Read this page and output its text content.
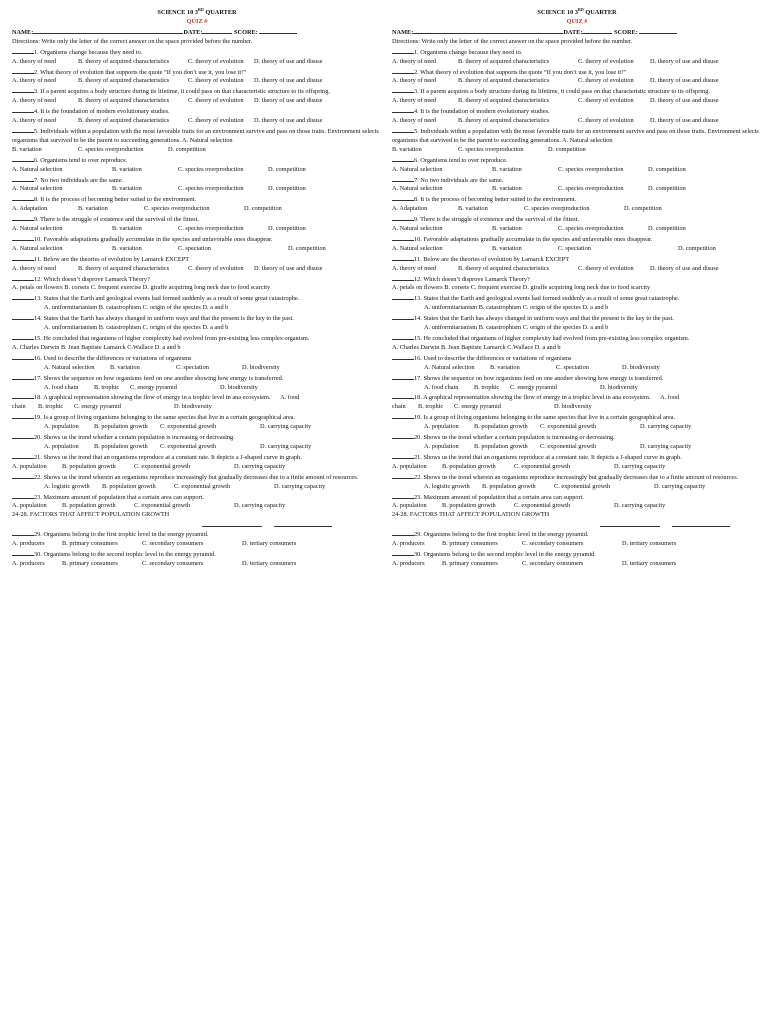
SCIENCE 10 3RD QUARTER
QUIZ #
NAME:	DATE:	SCORE:
Directions: Write only the letter of the correct answer on the space provided before the number.
1. Organisms change because they need to.
A. theory of need	B. theory of acquired characteristics	C. theory of evolution D. theory of use and disuse
2. What theory of evolution that supports the quote “If you don’t use it, you lose it!”
A. theory of need	B. theory of acquired characteristics	C. theory of evolution D. theory of use and disuse
3. If a parent acquires a body structure during its lifetime, it could pass on that characteristic structure to its offspring.
A. theory of need	B. theory of acquired characteristics	C. theory of evolution D. theory of use and disuse
4. It is the foundation of modern evolutionary studies.
A. theory of need	B. theory of acquired characteristics	C. theory of evolution D. theory of use and disuse
5. Individuals within a population with the most favorable traits for an environment survive and pass on those traits. Environment selects organisms that survived to be the parent to succeeding generations. A. Natural selection
B. variation	C. species overproduction	D. competition
6. Organisms tend to over reproduce.
A. Natural selection	B. variation	C. species overproduction	D. competition
7. No two individuals are the same.
A. Natural selection	B. variation	C. species overproduction	D. competition
8. It is the process of becoming better suited to the environment.
A. Adaptation	B. variation	C. species overproduction	D. competition
9. There is the struggle of existence and the survival of the fittest.
A. Natural selection	B. variation	C. species overproduction	D. competition
10. Favorable adaptations gradually accumulate in the species and unfavorable ones disappear.
A. Natural selection	B. variation	C. speciation	D. competition
11. Below are the theories of evolution by Lamarck EXCEPT
A. theory of need	B. theory of acquired characteristics	C. theory of evolution D. theory of use and disuse
12. Which doesn’t disprove Lamarck Theory?
A. petals on flowers B. corsets C. frequent exercise D. giraffe acquiring long neck due to food scarcity
13. States that the Earth and geological events had formed suddenly as a result of some great catastrophe.
A. uniformitarianism B. catastrophism C. origin of the species D. a and b
14. States that the Earth has always changed in uniform ways and that the present is the key to the past.
A. uniformitarianism B. catastrophism C. origin of the species D. a and b
15. He concluded that organisms of higher complexity had evolved from pre-existing less complex organism.
A. Charles Darwin B. Jean Baptiste Lamarck C.Wallace D. a and b
16. Used to describe the differences or variations of organisms
A. Natural selection B. variation	C. speciation	D. biodiversity
17. Shows the sequence on how organisms feed on one another showing how energy is transferred.
A. food chain B. trophic C. energy pyramid	D. biodiversity
18. A graphical representation showing the flow of energy in a trophic level in ana ecosystem. A. food
chain B. trophic C. energy pyramid	D. biodiversity
19. Is a group of living organisms belonging to the same species that live in a certain geographical area.
A. population B. population growth C. exponential growth	D. carrying capacity
20. Shows us the trend whether a certain population is increasing or decreasing.
A. population B. population growth C. exponential growth	D. carrying capacity
21. Shows us the trend that an organisms reproduce at a constant rate. It depicts a J-shaped curve in graph.
A. population B. population growth	C. exponential growth	D. carrying capacity
22. Shows us the trend wherein an organisms reproduce increasingly but gradually decreases due to a finite amount of resources.
A. logistic growth B. population growth	C. exponential growth	D. carrying capacity
23. Maximum amount of population that a certain area can support.
A. population B. population growth	C. exponential growth	D. carrying capacity
24-28. FACTORS THAT AFFECT POPULATION GROWTH
29. Organisms belong to the first trophic level in the energy pyramid.
A. producers	B. primary consumers	C. secondary consumers	D. tertiary consumers
30. Organisms belong to the second trophic level in the energy pyramid.
A. producers	B. primary consumers	C. secondary consumers	D. tertiary consumers
SCIENCE 10 3RD QUARTER
QUIZ #
NAME:	DATE:	SCORE:
Directions: Write only the letter of the correct answer on the space provided before the number.
1. Organisms change because they need to.
A. theory of need	B. theory of acquired characteristics	C. theory of evolution	D. theory of use and disuse
2. What theory of evolution that supports the quote “If you don’t use it, you lose it!”
A. theory of need	B. theory of acquired characteristics	C. theory of evolution	D. theory of use and disuse
3. If a parent acquires a body structure during its lifetime, it could pass on that characteristic structure to its offspring.
A. theory of need	B. theory of acquired characteristics	C. theory of evolution	D. theory of use and disuse
4. It is the foundation of modern evolutionary studies.
A. theory of need	B. theory of acquired characteristics	C. theory of evolution	D. theory of use and disuse
5. Individuals within a population with the most favorable traits for an environment survive and pass on those traits. Environment selects organisms that survived to be the parent to succeeding generations. A. Natural selection
B. variation	C. species overproduction	D. competition
6. Organisms tend to over reproduce.
A. Natural selection	B. variation	C. species overproduction	D. competition
7. No two individuals are the same.
A. Natural selection	B. variation	C. species overproduction	D. competition
8. It is the process of becoming better suited to the environment.
A. Adaptation	B. variation	C. species overproduction	D. competition
9. There is the struggle of existence and the survival of the fittest.
A. Natural selection	B. variation	C. species overproduction	D. competition
10. Favorable adaptations gradually accumulate in the species and unfavorable ones disappear.
A. Natural selection	B. variation	C. speciation	D. competition
11. Below are the theories of evolution by Lamarck EXCEPT
A. theory of need	B. theory of acquired characteristics	C. theory of evolution	D. theory of use and disuse
12. Which doesn’t disprove Lamarck Theory?
A. petals on flowers B. corsets C. frequent exercise D. giraffe acquiring long neck due to food scarcity
13. States that the Earth and geological events had formed suddenly as a result of some great catastrophe.
A. uniformitarianism B. catastrophism C. origin of the species D. a and b
14. States that the Earth has always changed in uniform ways and that the present is the key to the past.
A. uniformitarianism B. catastrophism C. origin of the species D. a and b
15. He concluded that organisms of higher complexity had evolved from pre-existing less complex organism.
A. Charles Darwin B. Jean Baptiste Lamarck C.Wallace D. a and b
16. Used to describe the differences or variations of organisms
A. Natural selection B. variation	C. speciation	D. biodiversity
17. Shows the sequence on how organisms feed on one another showing how energy is transferred.
A. food chain B. trophic C. energy pyramid	D. biodiversity
18. A graphical representation showing the flow of energy in a trophic level in ana ecosystem. A. food
chain B. trophic C. energy pyramid	D. biodiversity
19. Is a group of living organisms belonging to the same species that live in a certain geographical area.
A. population B. population growth C. exponential growth	D. carrying capacity
20. Shows us the trend whether a certain population is increasing or decreasing.
A. population B. population growth C. exponential growth	D. carrying capacity
21. Shows us the trend that an organisms reproduce at a constant rate. It depicts a J-shaped curve in graph.
A. population B. population growth	C. exponential growth	D. carrying capacity
22. Shows us the trend wherein an organisms reproduce increasingly but gradually decreases due to a finite amount of resources.
A. logistic growth B. population growth	C. exponential growth	D. carrying capacity
23. Maximum amount of population that a certain area can support.
A. population B. population growth	C. exponential growth	D. carrying capacity
24-28. FACTORS THAT AFFECT POPULATION GROWTH
29. Organisms belong to the first trophic level in the energy pyramid.
A. producers	B. primary consumers	C. secondary consumers	D. tertiary consumers
30. Organisms belong to the second trophic level in the energy pyramid.
A. producers	B. primary consumers	C. secondary consumers	D. tertiary consumers
